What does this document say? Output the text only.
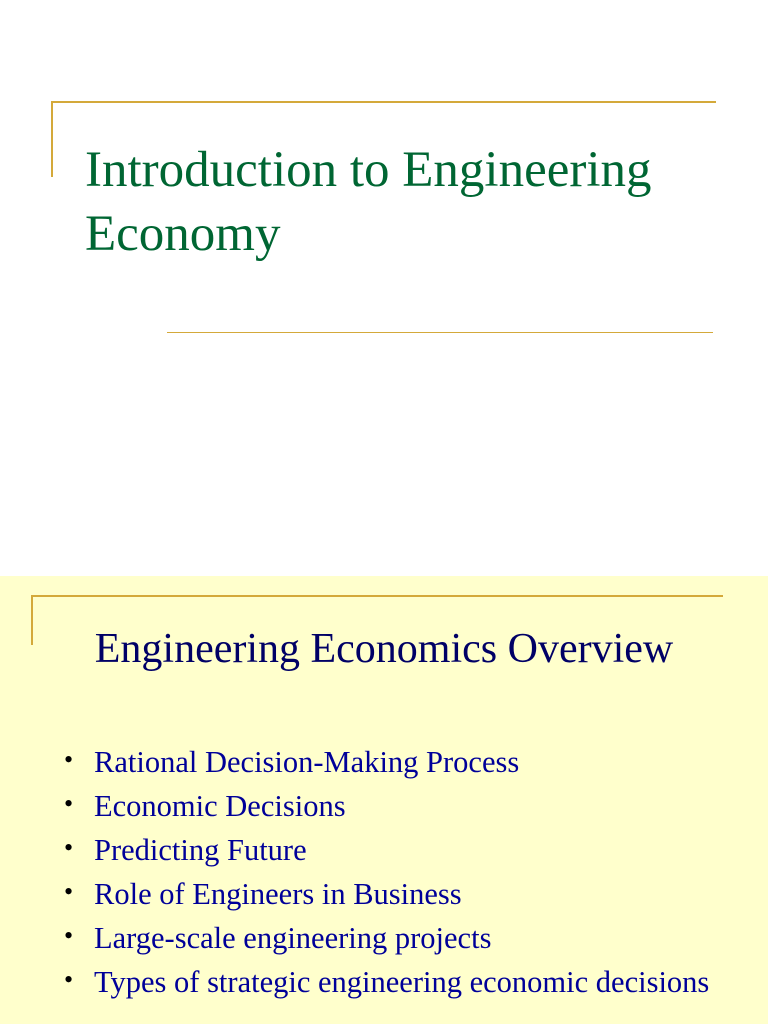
Introduction to Engineering Economy
Engineering Economics Overview
• Rational Decision-Making Process
• Economic Decisions
• Predicting Future
• Role of Engineers in Business
• Large-scale engineering projects
• Types of strategic engineering economic decisions
